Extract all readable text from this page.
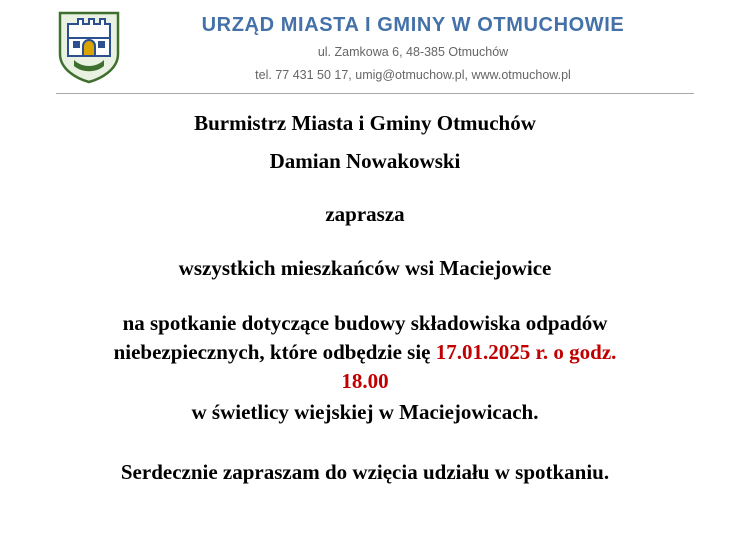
URZĄD MIASTA I GMINY W OTMUCHOWIE
ul. Zamkowa 6, 48-385 Otmuchów
tel. 77 431 50 17, umig@otmuchow.pl, www.otmuchow.pl
Burmistrz Miasta i Gminy Otmuchów
Damian Nowakowski
zaprasza
wszystkich mieszkańców wsi Maciejowice

na spotkanie dotyczące budowy składowiska odpadów

niebezpiecznych, które odbędzie się 17.01.2025 r. o godz.

18.00

w świetlicy wiejskiej w Maciejowicach.
Serdecznie zapraszam do wzięcia udziału w spotkaniu.
